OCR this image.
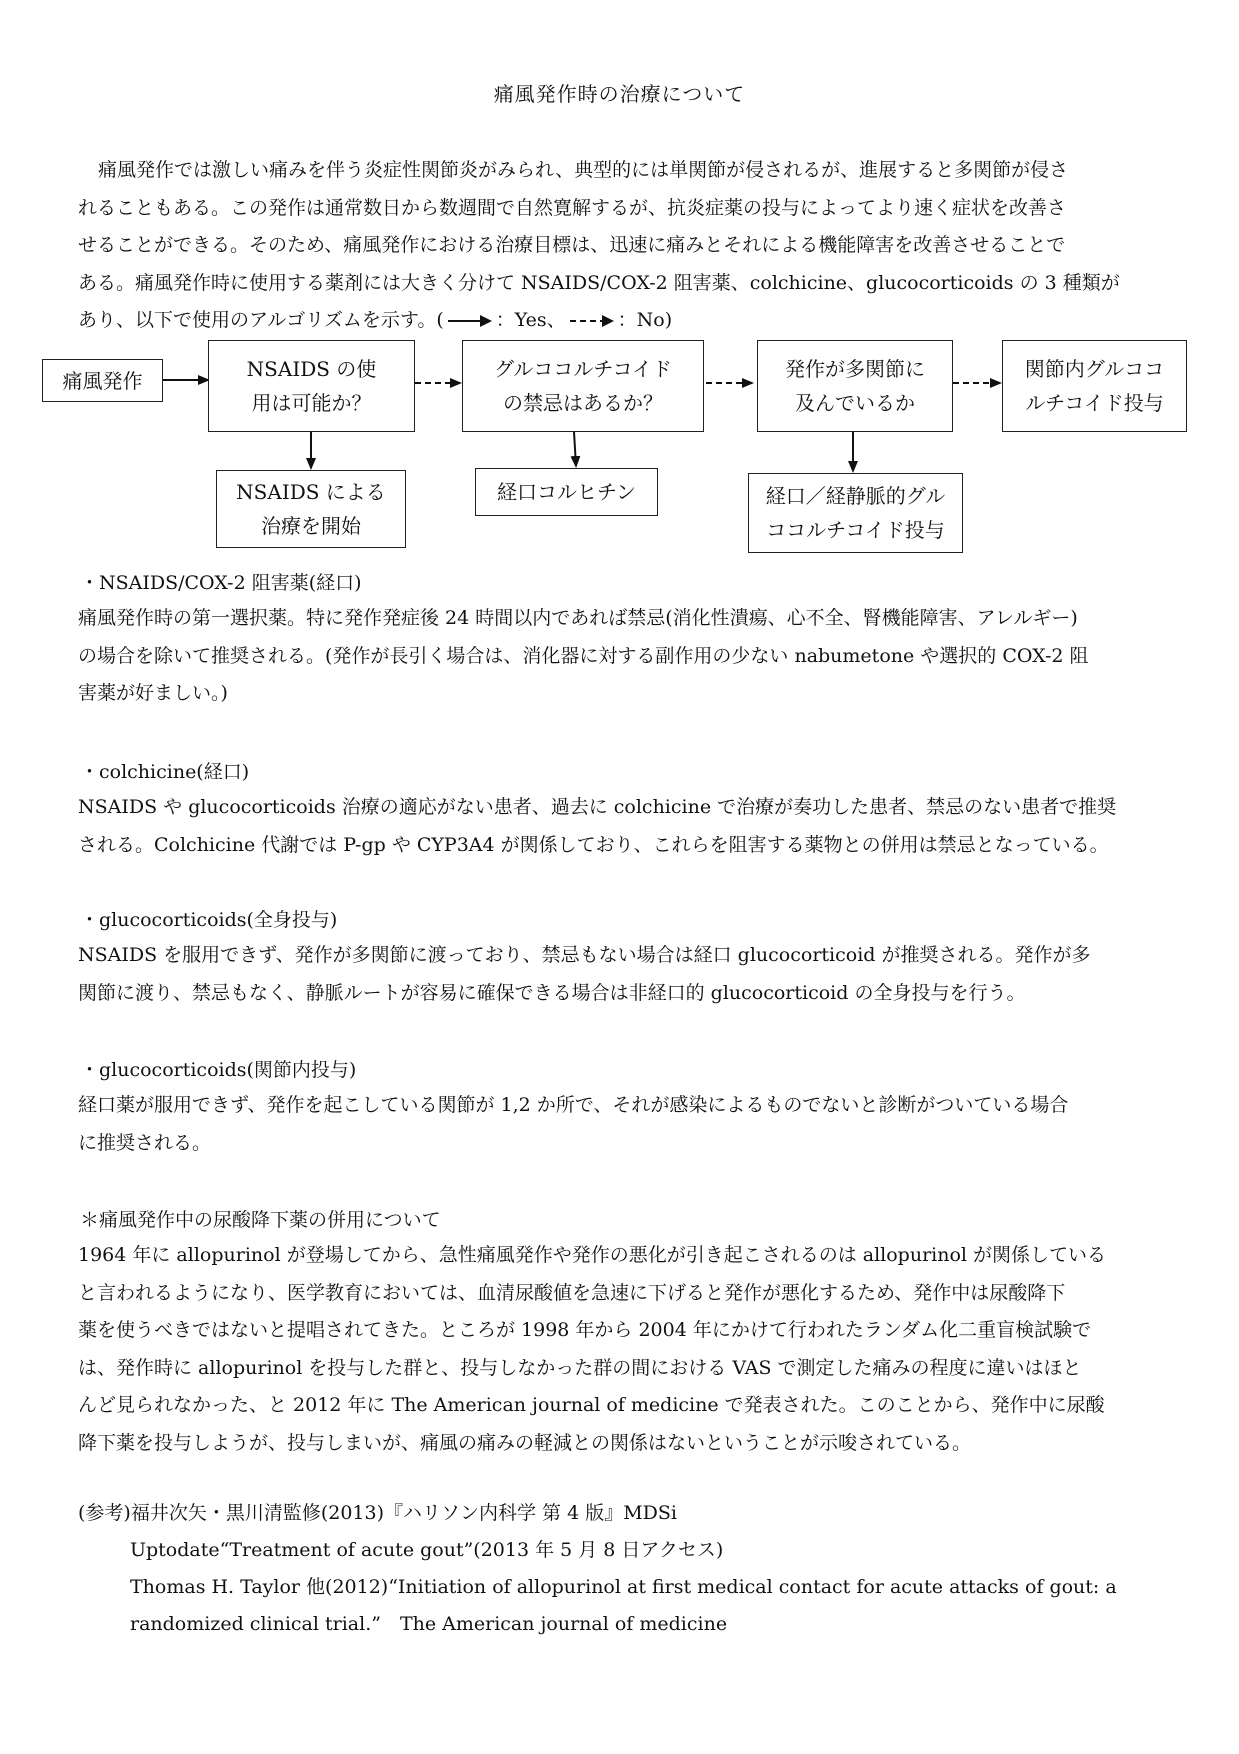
痛風発作時の治療について
痛風発作では激しい痛みを伴う炎症性関節炎がみられ、典型的には単関節が侵されるが、進展すると多関節が侵さ
れることもある。この発作は通常数日から数週間で自然寛解するが、抗炎症薬の投与によってより速く症状を改善さ
せることができる。そのため、痛風発作における治療目標は、迅速に痛みとそれによる機能障害を改善させることで
ある。痛風発作時に使用する薬剤には大きく分けて NSAIDS/COX-2 阻害薬、colchicine、glucocorticoids の 3 種類が
あり、以下で使用のアルゴリズムを示す。(	：Yes、	：No)
痛風発作	NSAIDS の使
用は可能か？
グルココルチコイド
の禁忌はあるか？
発作が多関節に
及んでいるか
関節内グルココ
ルチコイド投与
NSAIDS による
治療を開始
経口コルヒチン	経口／経静脈的グル
ココルチコイド投与
・NSAIDS/COX-2 阻害薬(経口)
痛風発作時の第一選択薬。特に発作発症後 24 時間以内であれば禁忌(消化性潰瘍、心不全、腎機能障害、アレルギー)
の場合を除いて推奨される。(発作が長引く場合は、消化器に対する副作用の少ない nabumetone や選択的 COX-2 阻
害薬が好ましい。)
・colchicine(経口)
NSAIDS や glucocorticoids 治療の適応がない患者、過去に colchicine で治療が奏功した患者、禁忌のない患者で推奨
される。Colchicine 代謝では P-gp や CYP3A4 が関係しており、これらを阻害する薬物との併用は禁忌となっている。
・glucocorticoids(全身投与)
NSAIDS を服用できず、発作が多関節に渡っており、禁忌もない場合は経口 glucocorticoid が推奨される。発作が多
関節に渡り、禁忌もなく、静脈ルートが容易に確保できる場合は非経口的 glucocorticoid の全身投与を行う。
・glucocorticoids(関節内投与)
経口薬が服用できず、発作を起こしている関節が 1,2 か所で、それが感染によるものでないと診断がついている場合
に推奨される。
＊痛風発作中の尿酸降下薬の併用について
1964 年に allopurinol が登場してから、急性痛風発作や発作の悪化が引き起こされるのは allopurinol が関係している
と言われるようになり、医学教育においては、血清尿酸値を急速に下げると発作が悪化するため、発作中は尿酸降下
薬を使うべきではないと提唱されてきた。ところが 1998 年から 2004 年にかけて行われたランダム化二重盲検試験で
は、発作時に allopurinol を投与した群と、投与しなかった群の間における VAS で測定した痛みの程度に違いはほと
んど見られなかった、と 2012 年に The American journal of medicine で発表された。このことから、発作中に尿酸
降下薬を投与しようが、投与しまいが、痛風の痛みの軽減との関係はないということが示唆されている。
(参考)福井次矢・黒川清監修(2013)『ハリソン内科学 第 4 版』MDSi
Uptodate“Treatment of acute gout”(2013 年 5 月 8 日アクセス)
Thomas H. Taylor 他(2012)“Initiation of allopurinol at first medical contact for acute attacks of gout: a
randomized clinical trial.”　The American journal of medicine
